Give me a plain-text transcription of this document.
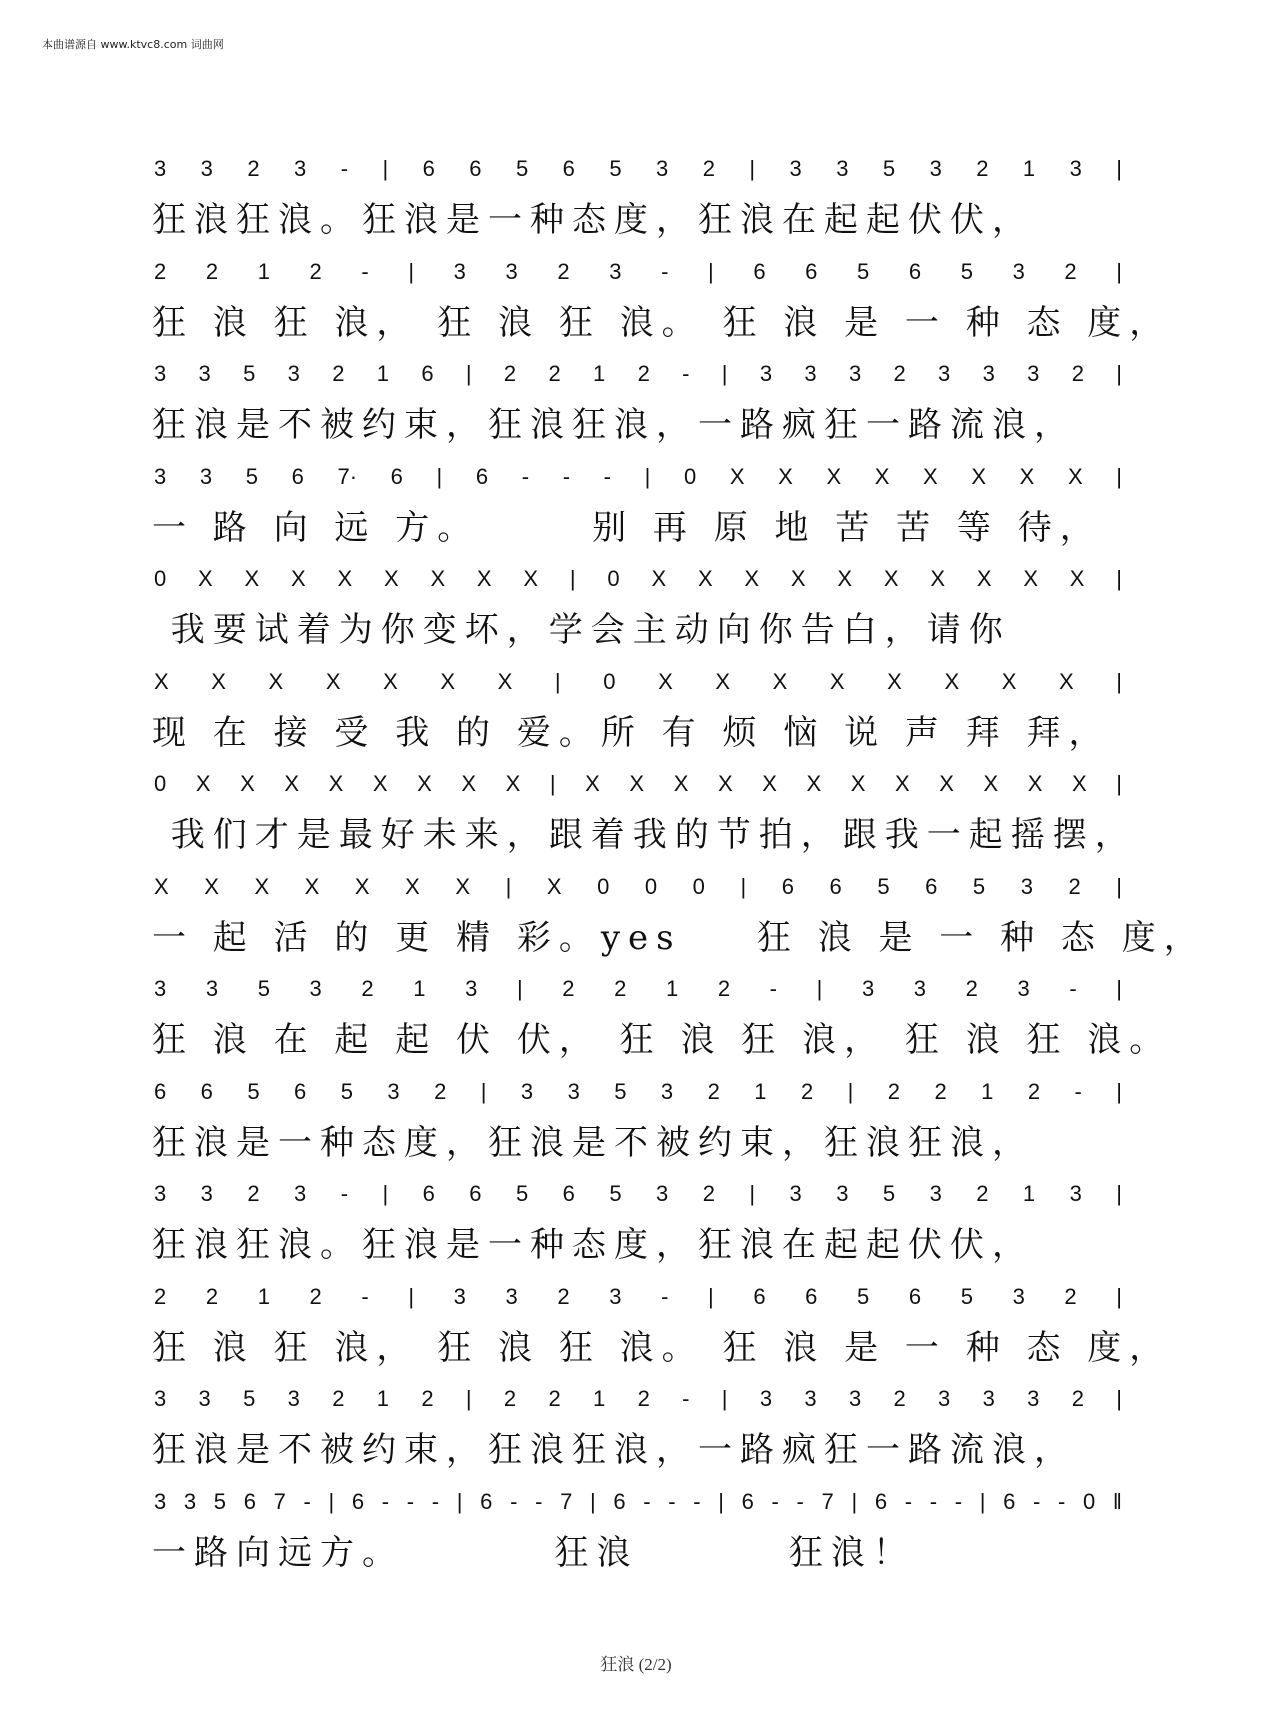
本曲谱源自 www.ktvc8.com 词曲网
3 3 2 3 - | 6 6 5 6 5 3 2 | 3 3 5 3 2 1 3 |
狂浪狂浪。狂浪是一种态度，狂浪在起起伏伏，
2 2 1 2 - | 3 3 2 3 - | 6 6 5 6 5 3 2 |
狂 浪 狂 浪， 狂 浪 狂 浪。 狂 浪 是 一 种 态 度，
3 3 5 3 2 1 6 | 2 2 1 2 - | 3 3 3 2 3 3 3 2 |
狂浪是不被约束，狂浪狂浪，一路疯狂一路流浪，
3 3 5 6 7· 6 | 6 - - - | 0 X X X X X X X X |
一 路 向 远 方。      别 再 原 地 苦 苦 等 待，
0 X X X X X X X X | 0 X X X X X X X X X X |
我要试着为你变坏，学会主动向你告白，请你
X X X X X X X | 0 X X X X X X X X |
现 在 接 受 我 的 爱。所 有 烦 恼 说 声 拜 拜，
0 X X X X X X X X | X X X X X X X X X X X X |
我们才是最好未来，跟着我的节拍，跟我一起摇摆，
X X X X X X X | X 0 0 0 | 6 6 5 6 5 3 2 |
一 起 活 的 更 精 彩。yes    狂 浪 是 一 种 态 度，
3 3 5 3 2 1 3 | 2 2 1 2 - | 3 3 2 3 - |
狂 浪 在 起 起 伏 伏， 狂 浪 狂 浪， 狂 浪 狂 浪。
6 6 5 6 5 3 2 | 3 3 5 3 2 1 2 | 2 2 1 2 - |
狂浪是一种态度，狂浪是不被约束，狂浪狂浪，
3 3 2 3 - | 6 6 5 6 5 3 2 | 3 3 5 3 2 1 3 |
狂浪狂浪。狂浪是一种态度，狂浪在起起伏伏，
2 2 1 2 - | 3 3 2 3 - | 6 6 5 6 5 3 2 |
狂 浪 狂 浪， 狂 浪 狂 浪。 狂 浪 是 一 种 态 度，
3 3 5 3 2 1 2 | 2 2 1 2 - | 3 3 3 2 3 3 3 2 |
狂浪是不被约束，狂浪狂浪，一路疯狂一路流浪，
3 3 5 6 7 - | 6 - - - | 6 - - 7 | 6 - - - | 6 - - 7 | 6 - - - | 6 - - 0 ‖
一路向远方。        狂浪        狂浪！
狂浪 (2/2)
